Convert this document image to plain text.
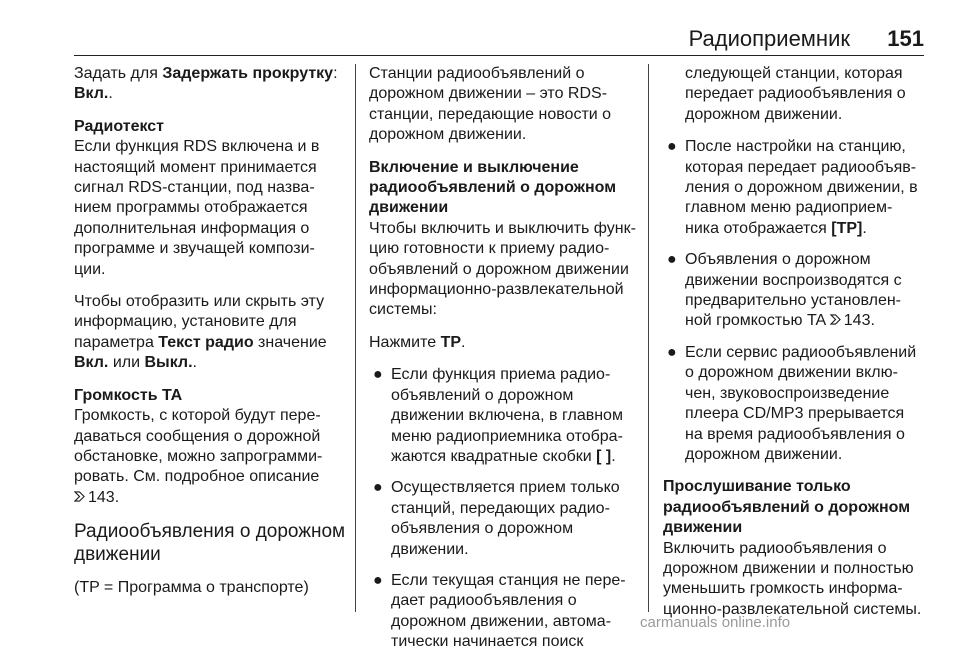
Радиоприемник 151
Задать для Задержать прокрутку:
Вкл..
Радиотекст
Если функция RDS включена и в
настоящий момент принимается
сигнал RDS-станции, под назва-
нием программы отображается
дополнительная информация о
программе и звучащей компози-
ции.
Чтобы отобразить или скрыть эту
информацию, установите для
параметра Текст радио значение
Вкл. или Выкл..
Громкость TA
Громкость, с которой будут пере-
даваться сообщения о дорожной
обстановке, можно запрограмми-
ровать. См. подробное описание
143.
Радиообъявления о дорожном
движении
(TP = Программа о транспорте)
Станции радиообъявлений о
дорожном движении – это RDS-
станции, передающие новости о
дорожном движении.
Включение и выключение
радиообъявлений о дорожном
движении
Чтобы включить и выключить функ-
цию готовности к приему радио-
объявлений о дорожном движении
информационно-развлекательной
системы:
Нажмите TP.
● Если функция приема радио-
объявлений о дорожном
движении включена, в главном
меню радиоприемника отобра-
жаются квадратные скобки [ ].
● Осуществляется прием только
станций, передающих радио-
объявления о дорожном
движении.
● Если текущая станция не пере-
дает радиообъявления о
дорожном движении, автома-
тически начинается поиск
следующей станции, которая
передает радиообъявления о
дорожном движении.
● После настройки на станцию,
которая передает радиообъяв-
ления о дорожном движении, в
главном меню радиоприем-
ника отображается [TP].
● Объявления о дорожном
движении воспроизводятся с
предварительно установлен-
ной громкостью TA 143.
● Если сервис радиообъявлений
о дорожном движении вклю-
чен, звуковоспроизведение
плеера CD/MP3 прерывается
на время радиообъявления о
дорожном движении.
Прослушивание только
радиообъявлений о дорожном
движении
Включить радиообъявления о
дорожном движении и полностью
уменьшить громкость информа-
ционно-развлекательной системы.
carmanuals online.info
